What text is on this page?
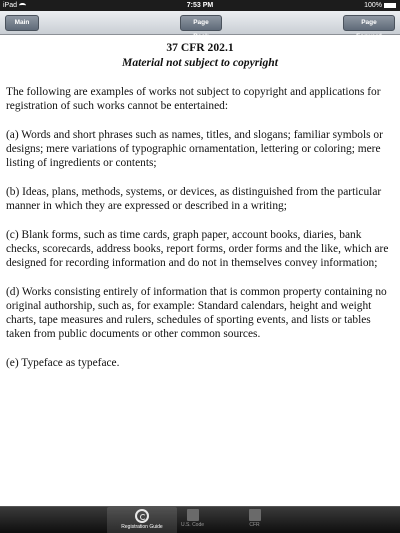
iPad	7:53 PM	100%
Main	Page Back
Page Forward
37 CFR 202.1
Material not subject to copyright

The following are examples of works not subject to copyright and applications for registration of such works cannot be entertained:

(a) Words and short phrases such as names, titles, and slogans; familiar symbols or designs; mere variations of typographic ornamentation, lettering or coloring; mere listing of ingredients or contents;

(b) Ideas, plans, methods, systems, or devices, as distinguished from the particular manner in which they are expressed or described in a writing;

(c) Blank forms, such as time cards, graph paper, account books, diaries, bank checks, scorecards, address books, report forms, order forms and the like, which are designed for recording information and do not in themselves convey information;

(d) Works consisting entirely of information that is common property containing no original authorship, such as, for example: Standard calendars, height and weight charts, tape measures and rulers, schedules of sporting events, and lists or tables taken from public documents or other common sources.

(e) Typeface as typeface.

Registration Guide	U.S. Code	CFR
